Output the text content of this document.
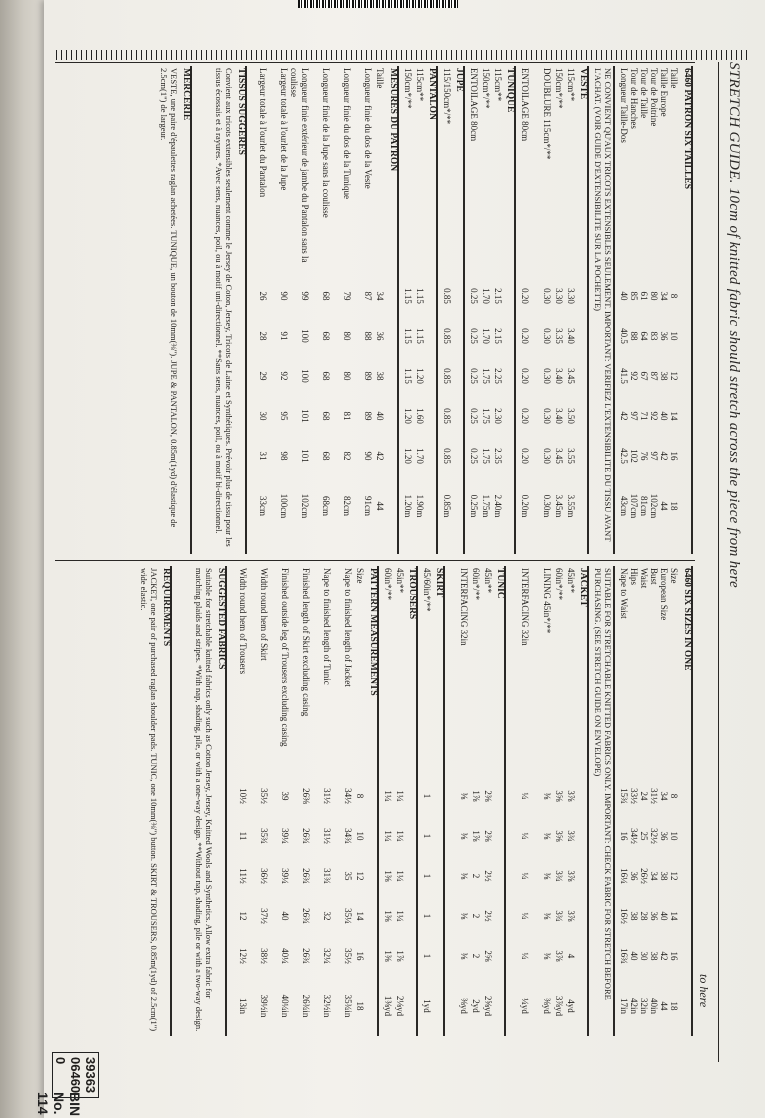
STRETCH GUIDE. 10cm of knitted fabric should stretch across the piece from here
to here
6460 PATRON SIX TAILLES
Taille
8
10
12
14
16
18
Taille Europe
34
36
38
40
42
44
Tour de Poitrine
80
83
87
92
97
102cm
Tour de Taille
61
64
67
71
76
81cm
Tour de Hanches
85
88
92
97
102
107cm
Longueur Taille-Dos
40
40.5
41.5
42
42.5
43cm
NE CONVIENT QU'AUX TRICOTS EXTENSIBLES SEULEMENT. IMPORTANT: VERIFIEZ L'EXTENSIBILITE DU TISSU AVANT L'ACHAT. (VOIR GUIDE D'EXTENSIBILITE SUR LA POCHETTE)
VESTE
115cm**
3.30
3.40
3.45
3.50
3.55
3.55m
150cm*/**
3.30
3.35
3.40
3.40
3.45
3.45m
DOUBLURE 115cm*/**
0.30
0.30
0.30
0.30
0.30
0.30m
ENTOILAGE 80cm
0.20
0.20
0.20
0.20
0.20
0.20m
TUNIQUE
115cm**
2.15
2.15
2.25
2.30
2.35
2.40m
150cm*/**
1.70
1.70
1.75
1.75
1.75
1.75m
ENTOILAGE 80cm
0.25
0.25
0.25
0.25
0.25
0.25m
JUPE
115/150cm*/**
0.85
0.85
0.85
0.85
0.85
0.85m
PANTALON
115cm**
1.15
1.15
1.20
1.60
1.70
1.90m
150cm*/**
1.15
1.15
1.15
1.20
1.20
1.20m
MESURES DU PATRON
Taille
34
36
38
40
42
44
Longueur finie du dos de la Veste
87
88
89
89
90
91cm
Longueur finie du dos de la Tunique
79
80
80
81
82
82cm
Longueur finie de la Jupe sans la coulisse
68
68
68
68
68
68cm
Longueur finie extérieur de jambe du Pantalon sans la coulisse
99
100
100
101
101
102cm
Largeur totale à l'ourlet de la Jupe
90
91
92
95
98
100cm
Largeur totale à l'ourlet du Pantalon
26
28
29
30
31
33cm
TISSUS SUGGERES
Convient aux tricots extensibles seulement comme le Jersey de Coton, Jersey, Tricots de Laine et Synthétiques. Prévoir plus de tissu pour les tissus écossais et à rayures. *Avec sens, nuances, poil, ou à motif uni-directionnel. **Sans sens, nuances, poil, ou à motif bi-directionnel.
MERCERIE
VESTE, une paire d'épaulettes raglan achetées. TUNIQUE, un bouton de 10mm(⅜"). JUPE & PANTALON, 0.85m(1yd) d'élastique de 2.5cm(1") de largeur.
6460 SIX SIZES IN ONE
Size
8
10
12
14
16
18
European Size
34
36
38
40
42
44
Bust
31½
32½
34
36
38
40in
Waist
24
25
26½
28
30
32in
Hips
33½
34½
36
38
40
42in
Nape to Waist
15¾
16
16¼
16½
16¾
17in
SUITABLE FOR STRETCHABLE KNITTED FABRICS ONLY. IMPORTANT: CHECK FABRIC FOR STRETCH BEFORE PURCHASING. (SEE STRETCH GUIDE ON ENVELOPE)
JACKET
45in**
3⅞
3¾
3⅞
3⅞
4
4yd
60in*/**
3⅝
3⅝
3¾
3¾
3⅞
3⅞yd
LINING 45in*/**
⅜
⅜
⅜
⅜
⅜
⅜yd
INTERFACING 32in
¼
¼
¼
¼
¼
¼yd
TUNIC
45in**
2⅜
2⅜
2½
2½
2⅝
2⅝yd
60in*/**
1⅞
1⅞
2
2
2
2yd
INTERFACING 32in
⅜
⅜
⅜
⅜
⅜
⅜yd
SKIRT
45/60in*/**
1
1
1
1
1
1yd
TROUSERS
45in**
1¼
1¼
1¼
1¼
1⅞
2⅛yd
60in*/**
1¼
1¼
1⅜
1⅜
1⅜
1⅜yd
PATTERN MEASUREMENTS
Size
8
10
12
14
16
18
Nape to finished length of Jacket
34½
34¾
35
35¼
35½
35¾in
Nape to finished length of Tunic
31½
31½
31¾
32
32¼
32½in
Finished length of Skirt excluding casing
26⅜
26¾
26¾
26¾
26¾
26¾in
Finished outside leg of Trousers excluding casing
39
39¼
39¼
40
40¼
40¼in
Width round hem of Skirt
35½
35¾
36½
37½
38½
39½in
Width round hem of Trousers
10½
11
11½
12
12½
13in
SUGGESTED FABRICS
Suitable for stretchable knitted fabrics only such as Cotton Jersey, Jersey, Knitted Wools and Synthetics. Allow extra fabric for matching plaids and stripes. *With nap, shading, pile, or with a one-way design. **Without nap, shading, pile or with a two-way design.
REQUIREMENTS
JACKET, one pair of purchased raglan shoulder pads. TUNIC, one 10mm(⅜") button. SKIRT & TROUSERS, 0.85m(1yd) of 2.5cm(1") wide elastic.
39363 06460 0
BIN No. 114
